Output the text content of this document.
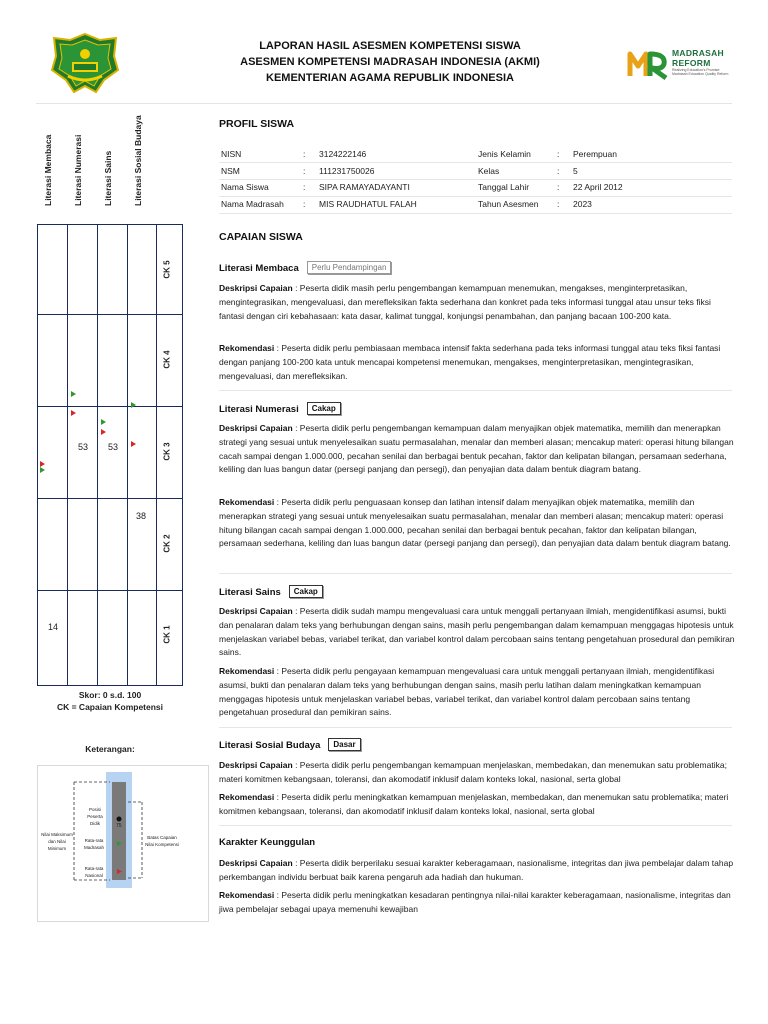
LAPORAN HASIL ASESMEN KOMPETENSI SISWA
ASESMEN KOMPETENSI MADRASAH INDONESIA (AKMI)
KEMENTERIAN AGAMA REPUBLIK INDONESIA
MADRASAH
REFORM
Realizing Education's Promise: Madrasah Education Quality Reform
Literasi Membaca	Literasi Numerasi	Literasi Sains	Literasi Sosial Budaya
14
53 53
38
CK 5
CK 4
CK 3
CK 2
CK 1
Skor: 0 s.d. 100
CK = Capaian Kompetensi
Keterangan:
Posisi Peserta Didik	75
Rata-rata Madrasah
Rata-rata Nasional
Nilai Maksimum dan Nilai Minimum
Batas Capaian Nilai Kompetensi
PROFIL SISWA
NISN	: 3124222146	Jenis Kelamin	: Perempuan
NSM	: 111231750026	Kelas	: 5
Nama Siswa	: SIPA RAMAYADAYANTI	Tanggal Lahir	: 22 April 2012
Nama Madrasah : MIS RAUDHATUL FALAH	Tahun Asesmen : 2023
CAPAIAN SISWA
Literasi Membaca Perlu Pendampingan
Deskripsi Capaian : Peserta didik masih perlu pengembangan kemampuan menemukan, mengakses, menginterpretasikan, mengintegrasikan, mengevaluasi, dan merefleksikan fakta sederhana dan konkret pada teks informasi tunggal atau unsur teks fiksi fantasi dengan ciri kebahasaan: kata dasar, kalimat tunggal, konjungsi penambahan, dan panjang bacaan 100-200 kata.
Rekomendasi : Peserta didik perlu pembiasaan membaca intensif fakta sederhana pada teks informasi tunggal atau teks fiksi fantasi dengan panjang 100-200 kata untuk mencapai kompetensi menemukan, mengakses, menginterpretasikan, mengintegrasikan, mengevaluasi, dan merefleksikan.
Literasi Numerasi Cakap
Deskripsi Capaian : Peserta didik perlu pengembangan kemampuan dalam menyajikan objek matematika, memilih dan menerapkan strategi yang sesuai untuk menyelesaikan suatu permasalahan, menalar dan memberi alasan; mencakup materi: operasi hitung bilangan cacah sampai dengan 1.000.000, pecahan senilai dan berbagai bentuk pecahan, faktor dan kelipatan bilangan, persamaan sederhana, keliling dan luas bangun datar (persegi panjang dan persegi), dan penyajian data dalam bentuk diagram batang.
Rekomendasi : Peserta didik perlu penguasaan konsep dan latihan intensif dalam menyajikan objek matematika, memilih dan menerapkan strategi yang sesuai untuk menyelesaikan suatu permasalahan, menalar dan memberi alasan; mencakup materi: operasi hitung bilangan cacah sampai dengan 1.000.000, pecahan senilai dan berbagai bentuk pecahan, faktor dan kelipatan bilangan, persamaan sederhana, keliling dan luas bangun datar (persegi panjang dan persegi), dan penyajian data dalam bentuk diagram batang.
Literasi Sains Cakap
Deskripsi Capaian : Peserta didik sudah mampu mengevaluasi cara untuk menggali pertanyaan ilmiah, mengidentifikasi asumsi, bukti dan penalaran dalam teks yang berhubungan dengan sains, masih perlu pengembangan dalam kemampuan menggagas hipotesis untuk menjelaskan variabel bebas, variabel terikat, dan variabel kontrol dalam percobaan sains tentang pengetahuan prosedural dan pemikiran sains.
Rekomendasi : Peserta didik perlu pengayaan kemampuan mengevaluasi cara untuk menggali pertanyaan ilmiah, mengidentifikasi asumsi, bukti dan penalaran dalam teks yang berhubungan dengan sains, masih perlu latihan dalam meningkatkan kemampuan menggagas hipotesis untuk menjelaskan variabel bebas, variabel terikat, dan variabel kontrol dalam percobaan sains tentang pengetahuan prosedural dan pemikiran sains.
Literasi Sosial Budaya Dasar
Deskripsi Capaian : Peserta didik perlu pengembangan kemampuan menjelaskan, membedakan, dan menemukan satu problematika; materi komitmen kebangsaan, toleransi, dan akomodatif inklusif dalam konteks lokal, nasional, serta global
Rekomendasi : Peserta didik perlu meningkatkan kemampuan menjelaskan, membedakan, dan menemukan satu problematika; materi komitmen kebangsaan, toleransi, dan akomodatif inklusif dalam konteks lokal, nasional, serta global
Karakter Keunggulan
Deskripsi Capaian : Peserta didik berperilaku sesuai karakter keberagamaan, nasionalisme, integritas dan jiwa pembelajar dalam tahap perkembangan individu berbuat baik karena pengaruh ada hadiah dan hukuman.
Rekomendasi : Peserta didik perlu meningkatkan kesadaran pentingnya nilai-nilai karakter keberagamaan, nasionalisme, integritas dan jiwa pembelajar sebagai upaya memenuhi kewajiban
